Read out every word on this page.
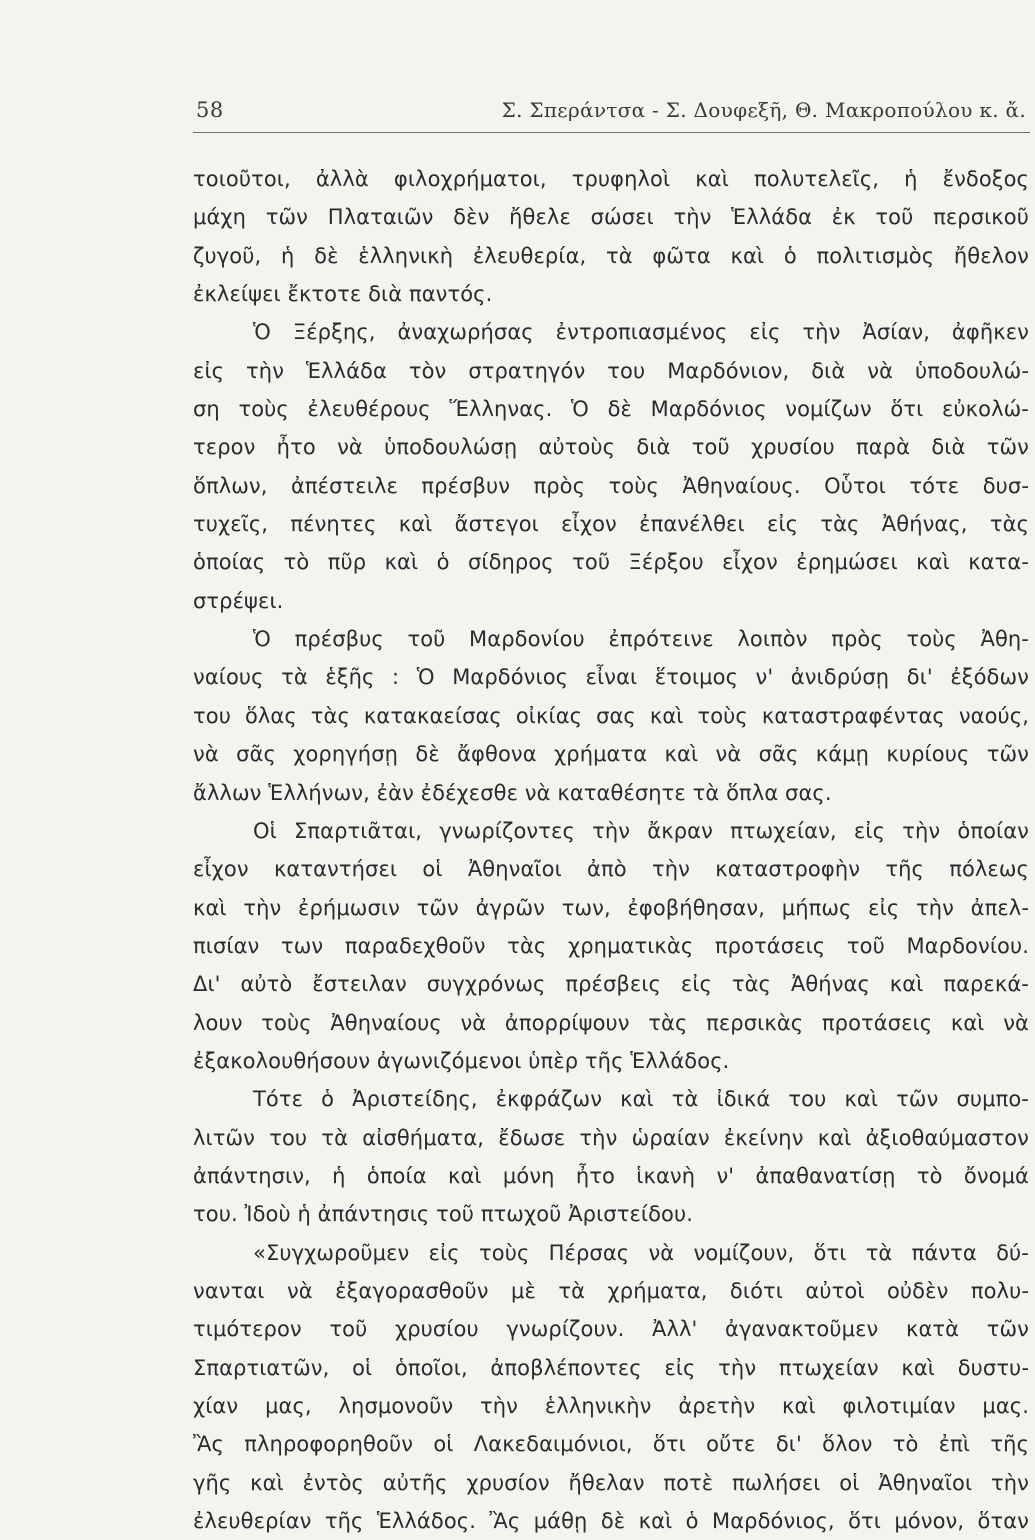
58	Σ. Σπεράντσα - Σ. Δουφεξῆ, Θ. Μακροπούλου κ. ἄ.
τοιοῦτοι, ἀλλὰ φιλοχρήματοι, τρυφηλοὶ καὶ πολυτελεῖς, ἡ ἔνδοξος
μάχη τῶν Πλαταιῶν δὲν ἤθελε σώσει τὴν Ἑλλάδα ἐκ τοῦ περσικοῦ
ζυγοῦ, ἡ δὲ ἑλληνικὴ ἐλευθερία, τὰ φῶτα καὶ ὁ πολιτισμὸς ἤθελον
ἐκλείψει ἔκτοτε διὰ παντός.
Ὁ Ξέρξης, ἀναχωρήσας ἐντροπιασμένος εἰς τὴν Ἀσίαν, ἀφῆκεν
εἰς τὴν Ἑλλάδα τὸν στρατηγόν του Μαρδόνιον, διὰ νὰ ὑποδουλώ-
ση τοὺς ἐλευθέρους Ἕλληνας. Ὁ δὲ Μαρδόνιος νομίζων ὅτι εὐκολώ-
τερον ἦτο νὰ ὑποδουλώσῃ αὐτοὺς διὰ τοῦ χρυσίου παρὰ διὰ τῶν
ὅπλων, ἀπέστειλε πρέσβυν πρὸς τοὺς Ἀθηναίους. Οὗτοι τότε δυσ-
τυχεῖς, πένητες καὶ ἄστεγοι εἶχον ἐπανέλθει εἰς τὰς Ἀθήνας, τὰς
ὁποίας τὸ πῦρ καὶ ὁ σίδηρος τοῦ Ξέρξου εἶχον ἐρημώσει καὶ κατα-
στρέψει.
Ὁ πρέσβυς τοῦ Μαρδονίου ἐπρότεινε λοιπὸν πρὸς τοὺς Ἀθη-
ναίους τὰ ἑξῆς : Ὁ Μαρδόνιος εἶναι ἕτοιμος ν' ἀνιδρύσῃ δι' ἐξόδων
του ὅλας τὰς κατακαείσας οἰκίας σας καὶ τοὺς καταστραφέντας ναούς,
νὰ σᾶς χορηγήσῃ δὲ ἄφθονα χρήματα καὶ νὰ σᾶς κάμῃ κυρίους τῶν
ἄλλων Ἑλλήνων, ἐὰν ἐδέχεσθε νὰ καταθέσητε τὰ ὅπλα σας.
Οἱ Σπαρτιᾶται, γνωρίζοντες τὴν ἄκραν πτωχείαν, εἰς τὴν ὁποίαν
εἶχον καταντήσει οἱ Ἀθηναῖοι ἀπὸ τὴν καταστροφὴν τῆς πόλεως
καὶ τὴν ἐρήμωσιν τῶν ἀγρῶν των, ἐφοβήθησαν, μήπως εἰς τὴν ἀπελ-
πισίαν των παραδεχθοῦν τὰς χρηματικὰς προτάσεις τοῦ Μαρδονίου.
Δι' αὐτὸ ἔστειλαν συγχρόνως πρέσβεις εἰς τὰς Ἀθήνας καὶ παρεκά-
λουν τοὺς Ἀθηναίους νὰ ἀπορρίψουν τὰς περσικὰς προτάσεις καὶ νὰ
ἐξακολουθήσουν ἀγωνιζόμενοι ὑπὲρ τῆς Ἑλλάδος.
Τότε ὁ Ἀριστείδης, ἐκφράζων καὶ τὰ ἰδικά του καὶ τῶν συμπο-
λιτῶν του τὰ αἰσθήματα, ἔδωσε τὴν ὡραίαν ἐκείνην καὶ ἀξιοθαύμαστον
ἀπάντησιν, ἡ ὁποία καὶ μόνη ἦτο ἱκανὴ ν' ἀπαθανατίσῃ τὸ ὄνομά
του. Ἰδοὺ ἡ ἀπάντησις τοῦ πτωχοῦ Ἀριστείδου.
«Συγχωροῦμεν εἰς τοὺς Πέρσας νὰ νομίζουν, ὅτι τὰ πάντα δύ-
νανται νὰ ἐξαγορασθοῦν μὲ τὰ χρήματα, διότι αὐτοὶ οὐδὲν πολυ-
τιμότερον τοῦ χρυσίου γνωρίζουν. Ἀλλ' ἀγανακτοῦμεν κατὰ τῶν
Σπαρτιατῶν, οἱ ὁποῖοι, ἀποβλέποντες εἰς τὴν πτωχείαν καὶ δυστυ-
χίαν μας, λησμονοῦν τὴν ἑλληνικὴν ἀρετὴν καὶ φιλοτιμίαν μας.
Ἂς πληροφορηθοῦν οἱ Λακεδαιμόνιοι, ὅτι οὔτε δι' ὅλον τὸ ἐπὶ τῆς
γῆς καὶ ἐντὸς αὐτῆς χρυσίον ἤθελαν ποτὲ πωλήσει οἱ Ἀθηναῖοι τὴν
ἐλευθερίαν τῆς Ἑλλάδος. Ἂς μάθῃ δὲ καὶ ὁ Μαρδόνιος, ὅτι μόνον, ὅταν
